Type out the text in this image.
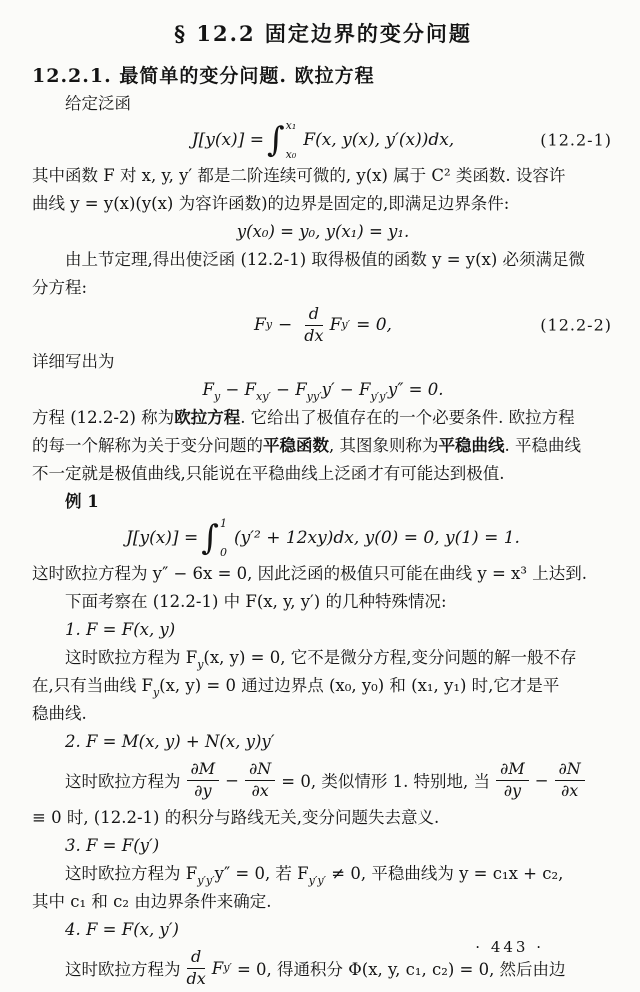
§ 12.2 固定边界的变分问题
12.2.1. 最简单的变分问题. 欧拉方程
给定泛函
J[y(x)] = ∫ x₁
x₀
F(x, y(x), y′(x))dx,	(12.2-1)
其中函数 F 对 x, y, y′ 都是二阶连续可微的, y(x) 属于 C² 类函数. 设容许
曲线 y = y(x)(y(x) 为容许函数)的边界是固定的,即满足边界条件:
y(x₀) = y₀, y(x₁) = y₁.
由上节定理,得出使泛函 (12.2-1) 取得极值的函数 y = y(x) 必须满足微
分方程:
F $y - \frac{d}{dx}$ F y′ = 0,	(12.2-2)
详细写出为
$F_y - F_{xy'} - F_{yy'}y' - F_{y'y'}y'' = 0$.
方程 (12.2-2) 称为欧拉方程. 它给出了极值存在的一个必要条件. 欧拉方程
的每一个解称为关于变分问题的平稳函数, 其图象则称为平稳曲线. 平稳曲线
不一定就是极值曲线,只能说在平稳曲线上泛函才有可能达到极值.
例 1
J[y(x)] = ∫ 1
0
(y′² + 12xy)dx, y(0) = 0, y(1) = 1.
这时欧拉方程为 y″ − 6x = 0, 因此泛函的极值只可能在曲线 y = x³ 上达到.
下面考察在 (12.2-1) 中 F(x, y, y′) 的几种特殊情况:
1. F = F(x, y)
这时欧拉方程为 $F_y(x$, y) = 0, 它不是微分方程,变分问题的解一般不存
在,只有当曲线 $F_y(x$, y) = 0 通过边界点 (x₀, y₀) 和 (x₁, y₁) 时,它才是平
稳曲线.
2. F = M(x, y) + N(x, y)y′
这时欧拉方程为 $\frac{\partial M}{\partial y} - \frac{\partial N}{\partial x} = 0$, 类似情形 1. 特别地, 当 $\frac{\partial M}{\partial y} - \frac{\partial N}{\partial x}$
≡ 0 时, (12.2-1) 的积分与路线无关,变分问题失去意义.
3. F = F(y′)
这时欧拉方程为 $F_{y'y'}y'' = 0$, 若 $F_{y'y'} \ne 0$, 平稳曲线为 y = c₁x + c₂,
其中 c₁ 和 c₂ 由边界条件来确定.
4. F = F(x, y′)
这时欧拉方程为 $\frac{d}{dx}$ F y′ = 0, 得通积分 Φ(x, y, c₁, c₂) = 0, 然后由边
· 443 ·
